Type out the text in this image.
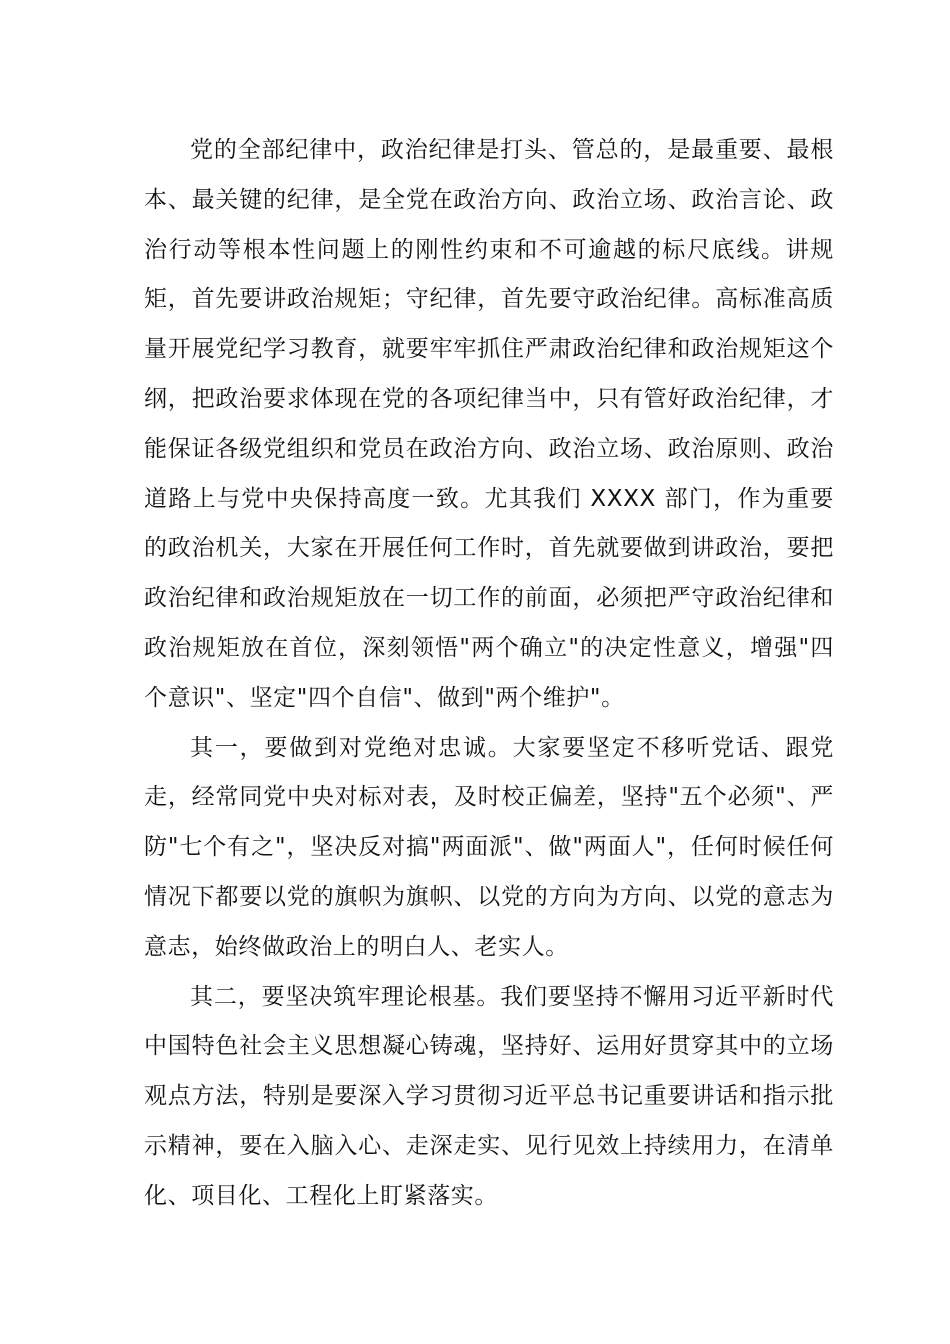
党的全部纪律中，政治纪律是打头、管总的，是最重要、最根本、最关键的纪律，是全党在政治方向、政治立场、政治言论、政治行动等根本性问题上的刚性约束和不可逾越的标尺底线。讲规矩，首先要讲政治规矩；守纪律，首先要守政治纪律。高标准高质量开展党纪学习教育，就要牢牢抓住严肃政治纪律和政治规矩这个纲，把政治要求体现在党的各项纪律当中，只有管好政治纪律，才能保证各级党组织和党员在政治方向、政治立场、政治原则、政治道路上与党中央保持高度一致。尤其我们 XXXX 部门，作为重要的政治机关，大家在开展任何工作时，首先就要做到讲政治，要把政治纪律和政治规矩放在一切工作的前面，必须把严守政治纪律和政治规矩放在首位，深刻领悟"两个确立"的决定性意义，增强"四个意识"、坚定"四个自信"、做到"两个维护"。

其一，要做到对党绝对忠诚。大家要坚定不移听党话、跟党走，经常同党中央对标对表，及时校正偏差，坚持"五个必须"、严防"七个有之"，坚决反对搞"两面派"、做"两面人"，任何时候任何情况下都要以党的旗帜为旗帜、以党的方向为方向、以党的意志为意志，始终做政治上的明白人、老实人。

其二，要坚决筑牢理论根基。我们要坚持不懈用习近平新时代中国特色社会主义思想凝心铸魂，坚持好、运用好贯穿其中的立场观点方法，特别是要深入学习贯彻习近平总书记重要讲话和指示批示精神，要在入脑入心、走深走实、见行见效上持续用力，在清单化、项目化、工程化上盯紧落实。
